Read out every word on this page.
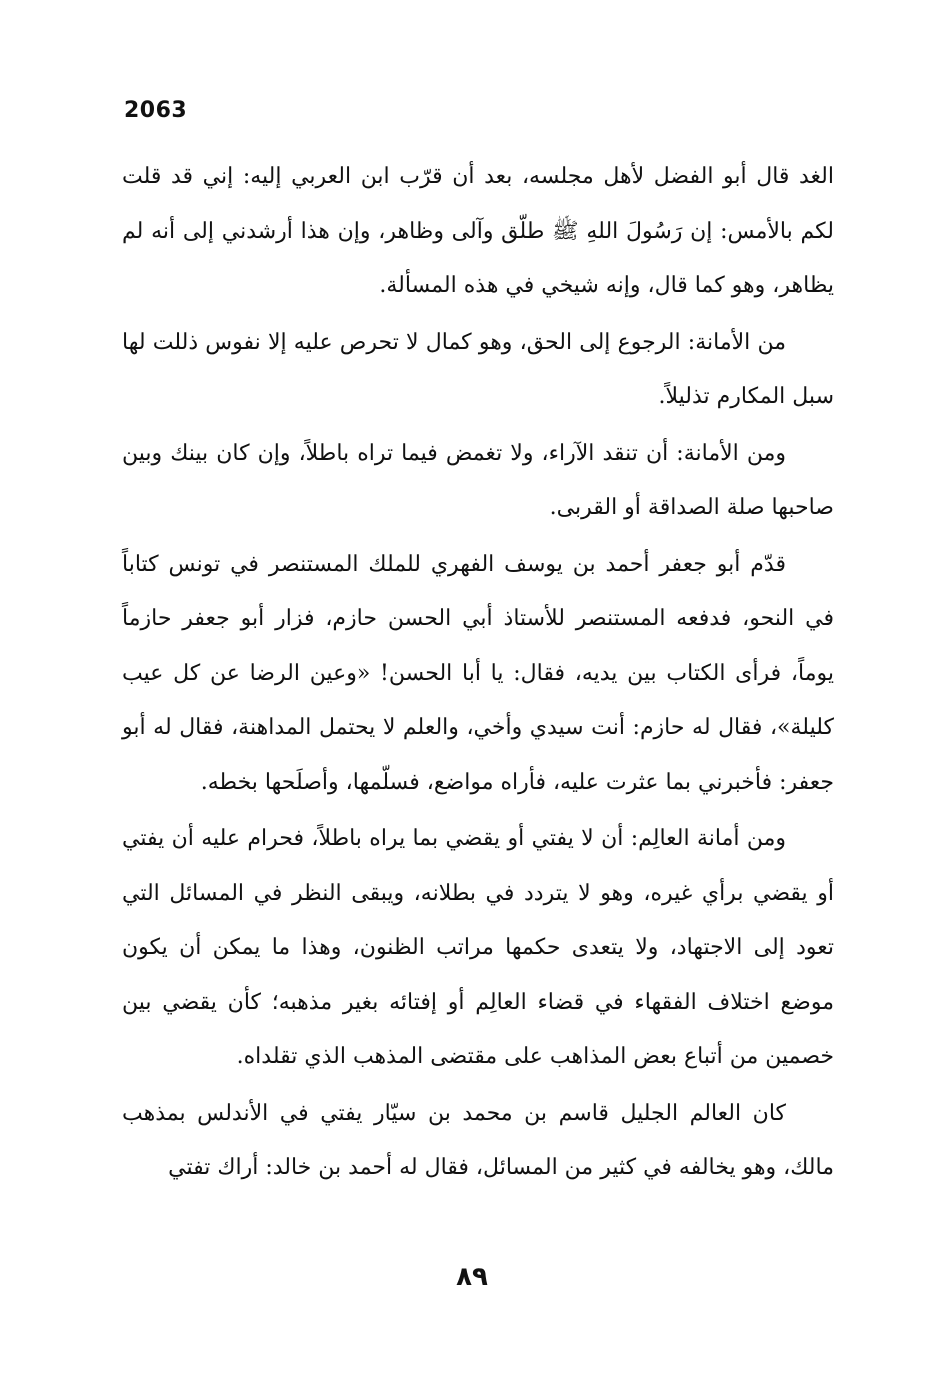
2063

الغد قال أبو الفضل لأهل مجلسه، بعد أن قرّب ابن العربي إليه: إني قد قلت لكم بالأمس: إن رَسُولَ اللهِ ﷺ طلّق وآلى وظاهر، وإن هذا أرشدني إلى أنه لم يظاهر، وهو كما قال، وإنه شيخي في هذه المسألة.

من الأمانة: الرجوع إلى الحق، وهو كمال لا تحرص عليه إلا نفوس ذللت لها سبل المكارم تذليلاً.

ومن الأمانة: أن تنقد الآراء، ولا تغمض فيما تراه باطلاً، وإن كان بينك وبين صاحبها صلة الصداقة أو القربى.

قدّم أبو جعفر أحمد بن يوسف الفهري للملك المستنصر في تونس كتاباً في النحو، فدفعه المستنصر للأستاذ أبي الحسن حازم، فزار أبو جعفر حازماً يوماً، فرأى الكتاب بين يديه، فقال: يا أبا الحسن! «وعين الرضا عن كل عيب كليلة»، فقال له حازم: أنت سيدي وأخي، والعلم لا يحتمل المداهنة، فقال له أبو جعفر: فأخبرني بما عثرت عليه، فأراه مواضع، فسلّمها، وأصلَحها بخطه.

ومن أمانة العالِم: أن لا يفتي أو يقضي بما يراه باطلاً، فحرام عليه أن يفتي أو يقضي برأي غيره، وهو لا يتردد في بطلانه، ويبقى النظر في المسائل التي تعود إلى الاجتهاد، ولا يتعدى حكمها مراتب الظنون، وهذا ما يمكن أن يكون موضع اختلاف الفقهاء في قضاء العالِم أو إفتائه بغير مذهبه؛ كأن يقضي بين خصمين من أتباع بعض المذاهب على مقتضى المذهب الذي تقلداه.

كان العالم الجليل قاسم بن محمد بن سيّار يفتي في الأندلس بمذهب مالك، وهو يخالفه في كثير من المسائل، فقال له أحمد بن خالد: أراك تفتي

٨٩
